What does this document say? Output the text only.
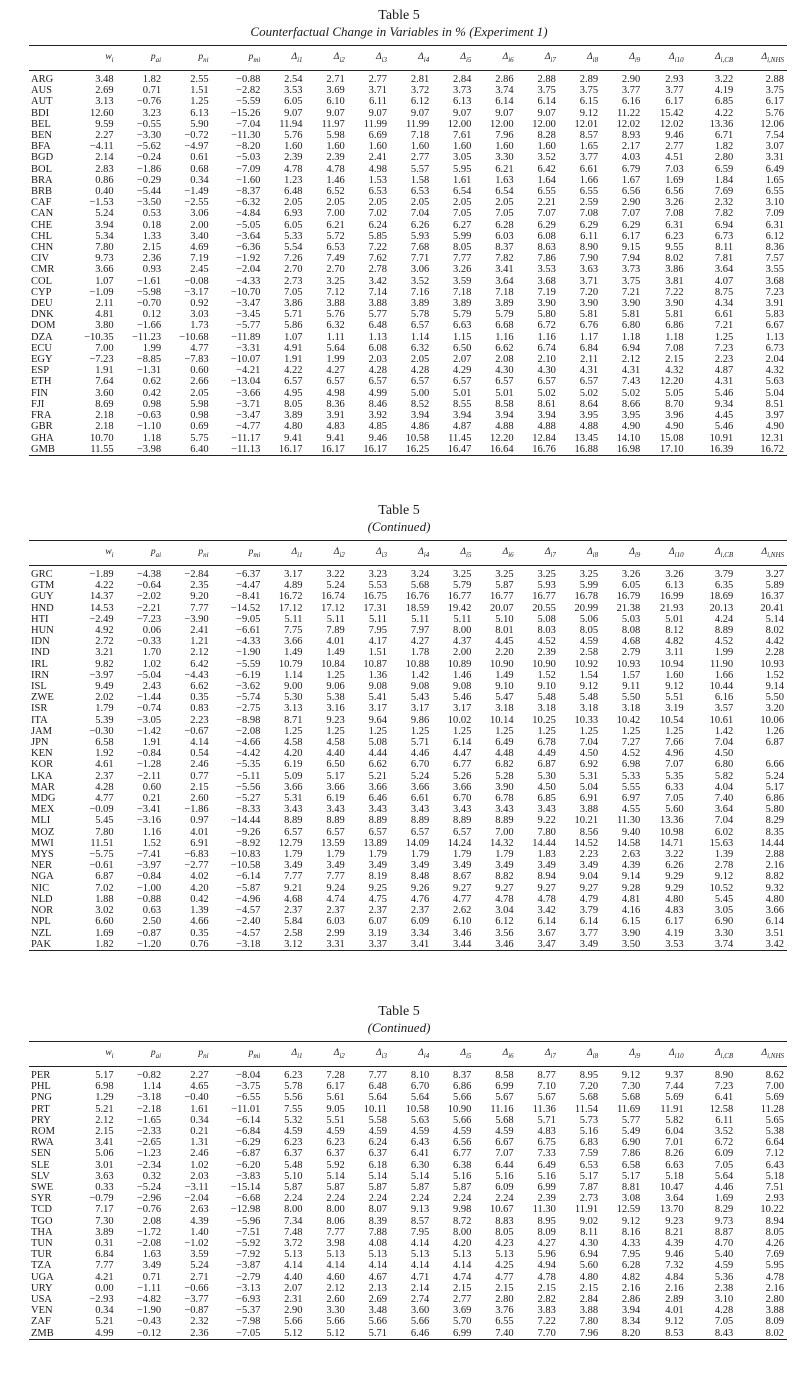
Table 5
Counterfactual Change in Variables in % (Experiment 1)
	$w_i$	$p_{ai}$	$p_{ni}$	$p_{mi}$	$\Delta_{i1}$	$\Delta_{i2}$	$\Delta_{i3}$	$\Delta_{i4}$	$\Delta_{i5}$	$\Delta_{i6}$	$\Delta_{i7}$	$\Delta_{i8}$	$\Delta_{i9}$	$\Delta_{i10}$	$\Delta_{i,CB}$	$\Delta_{i,NHS}$

ARG	3.48	1.82	2.55	−0.88	2.54	2.71	2.77	2.81	2.84	2.86	2.88	2.89	2.90	2.93	3.22	2.88
AUS	2.69	0.71	1.51	−2.82	3.53	3.69	3.71	3.72	3.73	3.74	3.75	3.75	3.77	3.77	4.19	3.75
AUT	3.13	−0.76	1.25	−5.59	6.05	6.10	6.11	6.12	6.13	6.14	6.14	6.15	6.16	6.17	6.85	6.17
BDI	12.60	3.23	6.13	−15.26	9.07	9.07	9.07	9.07	9.07	9.07	9.07	9.12	11.22	15.42	4.22	5.76
BEL	9.59	−0.55	5.90	−7.04	11.94	11.97	11.99	11.99	12.00	12.00	12.00	12.01	12.02	12.02	13.36	12.06
BEN	2.27	−3.30	−0.72	−11.30	5.76	5.98	6.69	7.18	7.61	7.96	8.28	8.57	8.93	9.46	6.71	7.54
BFA	−4.11	−5.62	−4.97	−8.20	1.60	1.60	1.60	1.60	1.60	1.60	1.60	1.65	2.17	2.77	1.82	3.07
BGD	2.14	−0.24	0.61	−5.03	2.39	2.39	2.41	2.77	3.05	3.30	3.52	3.77	4.03	4.51	2.80	3.31
BOL	2.83	−1.86	0.68	−7.09	4.78	4.78	4.98	5.57	5.95	6.21	6.42	6.61	6.79	7.03	6.59	6.49
BRA	0.86	−0.29	0.34	−1.60	1.23	1.46	1.53	1.58	1.61	1.63	1.64	1.66	1.67	1.69	1.84	1.65
BRB	0.40	−5.44	−1.49	−8.37	6.48	6.52	6.53	6.53	6.54	6.54	6.55	6.55	6.56	6.56	7.69	6.55
CAF	−1.53	−3.50	−2.55	−6.32	2.05	2.05	2.05	2.05	2.05	2.05	2.21	2.59	2.90	3.26	2.32	3.10
CAN	5.24	0.53	3.06	−4.84	6.93	7.00	7.02	7.04	7.05	7.05	7.07	7.08	7.07	7.08	7.82	7.09
CHE	3.94	0.18	2.00	−5.05	6.05	6.21	6.24	6.26	6.27	6.28	6.29	6.29	6.29	6.31	6.94	6.31
CHL	5.34	1.33	3.40	−3.64	5.33	5.72	5.85	5.93	5.99	6.03	6.08	6.11	6.17	6.23	6.73	6.12
CHN	7.80	2.15	4.69	−6.36	5.54	6.53	7.22	7.68	8.05	8.37	8.63	8.90	9.15	9.55	8.11	8.36
CIV	9.73	2.36	7.19	−1.92	7.26	7.49	7.62	7.71	7.77	7.82	7.86	7.90	7.94	8.02	7.81	7.57
CMR	3.66	0.93	2.45	−2.04	2.70	2.70	2.78	3.06	3.26	3.41	3.53	3.63	3.73	3.86	3.64	3.55
COL	1.07	−1.61	−0.08	−4.33	2.73	3.25	3.42	3.52	3.59	3.64	3.68	3.71	3.75	3.81	4.07	3.68
CYP	−1.09	−5.98	−3.17	−10.70	7.05	7.12	7.14	7.16	7.18	7.18	7.19	7.20	7.21	7.22	8.75	7.23
DEU	2.11	−0.70	0.92	−3.47	3.86	3.88	3.88	3.89	3.89	3.89	3.90	3.90	3.90	3.90	4.34	3.91
DNK	4.81	0.12	3.03	−3.45	5.71	5.76	5.77	5.78	5.79	5.79	5.80	5.81	5.81	5.81	6.61	5.83
DOM	3.80	−1.66	1.73	−5.77	5.86	6.32	6.48	6.57	6.63	6.68	6.72	6.76	6.80	6.86	7.21	6.67
DZA	−10.35	−11.23	−10.68	−11.89	1.07	1.11	1.13	1.14	1.15	1.16	1.16	1.17	1.18	1.18	1.25	1.13
ECU	7.00	1.99	4.77	−3.31	4.91	5.64	6.08	6.32	6.50	6.62	6.74	6.84	6.94	7.08	7.23	6.73
EGY	−7.23	−8.85	−7.83	−10.07	1.91	1.99	2.03	2.05	2.07	2.08	2.10	2.11	2.12	2.15	2.23	2.04
ESP	1.91	−1.31	0.60	−4.21	4.22	4.27	4.28	4.28	4.29	4.30	4.30	4.31	4.31	4.32	4.87	4.32
ETH	7.64	0.62	2.66	−13.04	6.57	6.57	6.57	6.57	6.57	6.57	6.57	6.57	7.43	12.20	4.31	5.63
FIN	3.60	0.42	2.05	−3.66	4.95	4.98	4.99	5.00	5.01	5.01	5.02	5.02	5.02	5.05	5.46	5.04
FJI	8.69	0.98	5.98	−3.71	8.05	8.36	8.46	8.52	8.55	8.58	8.61	8.64	8.66	8.70	9.34	8.51
FRA	2.18	−0.63	0.98	−3.47	3.89	3.91	3.92	3.94	3.94	3.94	3.94	3.95	3.95	3.96	4.45	3.97
GBR	2.18	−1.10	0.69	−4.77	4.80	4.83	4.85	4.86	4.87	4.88	4.88	4.88	4.90	4.90	5.46	4.90
GHA	10.70	1.18	5.75	−11.17	9.41	9.41	9.46	10.58	11.45	12.20	12.84	13.45	14.10	15.08	10.91	12.31
GMB	11.55	−3.98	6.40	−11.13	16.17	16.17	16.17	16.25	16.47	16.64	16.76	16.88	16.98	17.10	16.39	16.72
Table 5
(Continued)
	$w_i$	$p_{ai}$	$p_{ni}$	$p_{mi}$	$\Delta_{i1}$	$\Delta_{i2}$	$\Delta_{i3}$	$\Delta_{i4}$	$\Delta_{i5}$	$\Delta_{i6}$	$\Delta_{i7}$	$\Delta_{i8}$	$\Delta_{i9}$	$\Delta_{i10}$	$\Delta_{i,CB}$	$\Delta_{i,NHS}$

GRC	−1.89	−4.38	−2.84	−6.37	3.17	3.22	3.23	3.24	3.25	3.25	3.25	3.25	3.26	3.26	3.79	3.27
GTM	4.22	−0.64	2.35	−4.47	4.89	5.24	5.53	5.68	5.79	5.87	5.93	5.99	6.05	6.13	6.35	5.89
GUY	14.37	−2.02	9.20	−8.41	16.72	16.74	16.75	16.76	16.77	16.77	16.77	16.78	16.79	16.99	18.69	16.37
HND	14.53	−2.21	7.77	−14.52	17.12	17.12	17.31	18.59	19.42	20.07	20.55	20.99	21.38	21.93	20.13	20.41
HTI	−2.49	−7.23	−3.90	−9.05	5.11	5.11	5.11	5.11	5.11	5.10	5.08	5.06	5.03	5.01	4.24	5.14
HUN	4.92	0.06	2.41	−6.61	7.75	7.89	7.95	7.97	8.00	8.01	8.03	8.05	8.08	8.12	8.89	8.02
IDN	2.72	−0.33	1.21	−4.33	3.66	4.01	4.17	4.27	4.37	4.45	4.52	4.59	4.68	4.82	4.52	4.42
IND	3.21	1.70	2.12	−1.90	1.49	1.49	1.51	1.78	2.00	2.20	2.39	2.58	2.79	3.11	1.99	2.28
IRL	9.82	1.02	6.42	−5.59	10.79	10.84	10.87	10.88	10.89	10.90	10.90	10.92	10.93	10.94	11.90	10.93
IRN	−3.97	−5.04	−4.43	−6.19	1.14	1.25	1.36	1.42	1.46	1.49	1.52	1.54	1.57	1.60	1.66	1.52
ISL	9.49	2.43	6.62	−3.62	9.00	9.06	9.08	9.08	9.08	9.10	9.10	9.12	9.11	9.12	10.44	9.14
ZWE	2.02	−1.44	0.35	−5.74	5.30	5.38	5.41	5.43	5.46	5.47	5.48	5.48	5.50	5.51	6.16	5.50
ISR	1.79	−0.74	0.83	−2.75	3.13	3.16	3.17	3.17	3.17	3.18	3.18	3.18	3.18	3.19	3.57	3.20
ITA	5.39	−3.05	2.23	−8.98	8.71	9.23	9.64	9.86	10.02	10.14	10.25	10.33	10.42	10.54	10.61	10.06
JAM	−0.30	−1.42	−0.67	−2.08	1.25	1.25	1.25	1.25	1.25	1.25	1.25	1.25	1.25	1.25	1.42	1.26
JPN	6.58	1.91	4.14	−4.66	4.58	4.58	5.08	5.71	6.14	6.49	6.78	7.04	7.27	7.66	7.04	6.87
KEN	1.92	−0.84	0.54	−4.42	4.20	4.40	4.44	4.46	4.47	4.48	4.49	4.50	4.52	4.96	4.50	
KOR	4.61	−1.28	2.46	−5.35	6.19	6.50	6.62	6.70	6.77	6.82	6.87	6.92	6.98	7.07	6.80	6.66
LKA	2.37	−2.11	0.77	−5.11	5.09	5.17	5.21	5.24	5.26	5.28	5.30	5.31	5.33	5.35	5.82	5.24
MAR	4.28	0.60	2.15	−5.56	3.66	3.66	3.66	3.66	3.66	3.90	4.50	5.04	5.55	6.33	4.04	5.17
MDG	4.77	0.21	2.60	−5.27	5.31	6.19	6.46	6.61	6.70	6.78	6.85	6.91	6.97	7.05	7.40	6.86
MEX	−0.09	−3.41	−1.86	−8.33	3.43	3.43	3.43	3.43	3.43	3.43	3.43	3.88	4.55	5.60	3.64	5.80
MLI	5.45	−3.16	0.97	−14.44	8.89	8.89	8.89	8.89	8.89	8.89	9.22	10.21	11.30	13.36	7.04	8.29
MOZ	7.80	1.16	4.01	−9.26	6.57	6.57	6.57	6.57	6.57	7.00	7.80	8.56	9.40	10.98	6.02	8.35
MWI	11.51	1.52	6.91	−8.92	12.79	13.59	13.89	14.09	14.24	14.32	14.44	14.52	14.58	14.71	15.63	14.44
MYS	−5.75	−7.41	−6.83	−10.83	1.79	1.79	1.79	1.79	1.79	1.79	1.83	2.23	2.63	3.22	1.39	2.88
NER	−0.61	−3.97	−2.77	−10.58	3.49	3.49	3.49	3.49	3.49	3.49	3.49	3.49	4.39	6.26	2.78	2.16
NGA	6.87	−0.84	4.02	−6.14	7.77	7.77	8.19	8.48	8.67	8.82	8.94	9.04	9.14	9.29	9.12	8.82
NIC	7.02	−1.00	4.20	−5.87	9.21	9.24	9.25	9.26	9.27	9.27	9.27	9.27	9.28	9.29	10.52	9.32
NLD	1.88	−0.88	0.42	−4.96	4.68	4.74	4.75	4.76	4.77	4.78	4.78	4.79	4.81	4.80	5.45	4.80
NOR	3.02	0.63	1.39	−4.57	2.37	2.37	2.37	2.37	2.62	3.04	3.42	3.79	4.16	4.83	3.05	3.66
NPL	6.60	2.50	4.66	−2.40	5.84	6.03	6.07	6.09	6.10	6.12	6.14	6.14	6.15	6.17	6.90	6.14
NZL	1.69	−0.87	0.35	−4.57	2.58	2.99	3.19	3.34	3.46	3.56	3.67	3.77	3.90	4.19	3.30	3.51
PAK	1.82	−1.20	0.76	−3.18	3.12	3.31	3.37	3.41	3.44	3.46	3.47	3.49	3.50	3.53	3.74	3.42
Table 5
(Continued)
	$w_i$	$p_{ai}$	$p_{ni}$	$p_{mi}$	$\Delta_{i1}$	$\Delta_{i2}$	$\Delta_{i3}$	$\Delta_{i4}$	$\Delta_{i5}$	$\Delta_{i6}$	$\Delta_{i7}$	$\Delta_{i8}$	$\Delta_{i9}$	$\Delta_{i10}$	$\Delta_{i,CB}$	$\Delta_{i,NHS}$

PER	5.17	−0.82	2.27	−8.04	6.23	7.28	7.77	8.10	8.37	8.58	8.77	8.95	9.12	9.37	8.90	8.62
PHL	6.98	1.14	4.65	−3.75	5.78	6.17	6.48	6.70	6.86	6.99	7.10	7.20	7.30	7.44	7.23	7.00
PNG	1.29	−3.18	−0.40	−6.55	5.56	5.61	5.64	5.64	5.66	5.67	5.67	5.68	5.68	5.69	6.41	5.69
PRT	5.21	−2.18	1.61	−11.01	7.55	9.05	10.11	10.58	10.90	11.16	11.36	11.54	11.69	11.91	12.58	11.28
PRY	2.12	−1.65	0.34	−6.14	5.32	5.51	5.58	5.63	5.66	5.68	5.71	5.73	5.77	5.82	6.11	5.65
ROM	2.15	−2.33	0.21	−6.84	4.59	4.59	4.59	4.59	4.59	4.59	4.83	5.16	5.49	6.04	3.52	5.38
RWA	3.41	−2.65	1.31	−6.29	6.23	6.23	6.24	6.43	6.56	6.67	6.75	6.83	6.90	7.01	6.72	6.64
SEN	5.06	−1.23	2.46	−6.87	6.37	6.37	6.37	6.41	6.77	7.07	7.33	7.59	7.86	8.26	6.09	7.12
SLE	3.01	−2.34	1.02	−6.20	5.48	5.92	6.18	6.30	6.38	6.44	6.49	6.53	6.58	6.63	7.05	6.43
SLV	3.63	0.32	2.03	−3.83	5.10	5.14	5.14	5.14	5.16	5.16	5.16	5.17	5.17	5.18	5.64	5.18
SWE	0.33	−5.24	−3.11	−15.14	5.87	5.87	5.87	5.87	5.87	6.09	6.99	7.87	8.81	10.47	4.46	7.51
SYR	−0.79	−2.96	−2.04	−6.68	2.24	2.24	2.24	2.24	2.24	2.24	2.39	2.73	3.08	3.64	1.69	2.93
TCD	7.17	−0.76	2.63	−12.98	8.00	8.00	8.07	9.13	9.98	10.67	11.30	11.91	12.59	13.70	8.29	10.22
TGO	7.30	2.08	4.39	−5.96	7.34	8.06	8.39	8.57	8.72	8.83	8.95	9.02	9.12	9.23	9.73	8.94
THA	3.89	−1.72	1.40	−7.51	7.48	7.77	7.88	7.95	8.00	8.05	8.09	8.11	8.16	8.21	8.87	8.05
TUN	0.31	−2.08	−1.02	−5.92	3.72	3.98	4.08	4.14	4.20	4.23	4.27	4.30	4.33	4.39	4.70	4.26
TUR	6.84	1.63	3.59	−7.92	5.13	5.13	5.13	5.13	5.13	5.13	5.96	6.94	7.95	9.46	5.40	7.69
TZA	7.77	3.49	5.24	−3.87	4.14	4.14	4.14	4.14	4.14	4.25	4.94	5.60	6.28	7.32	4.59	5.95
UGA	4.21	0.71	2.71	−2.79	4.40	4.60	4.67	4.71	4.74	4.77	4.78	4.80	4.82	4.84	5.36	4.78
URY	0.00	−1.11	−0.66	−3.13	2.07	2.12	2.13	2.14	2.15	2.15	2.15	2.15	2.16	2.16	2.38	2.16
USA	−2.93	−4.82	−3.77	−6.93	2.31	2.60	2.69	2.74	2.77	2.80	2.82	2.84	2.86	2.89	3.10	2.80
VEN	0.34	−1.90	−0.87	−5.37	2.90	3.30	3.48	3.60	3.69	3.76	3.83	3.88	3.94	4.01	4.28	3.88
ZAF	5.21	−0.43	2.32	−7.98	5.66	5.66	5.66	5.66	5.70	6.55	7.22	7.80	8.34	9.12	7.05	8.09
ZMB	4.99	−0.12	2.36	−7.05	5.12	5.12	5.71	6.46	6.99	7.40	7.70	7.96	8.20	8.53	8.43	8.02
